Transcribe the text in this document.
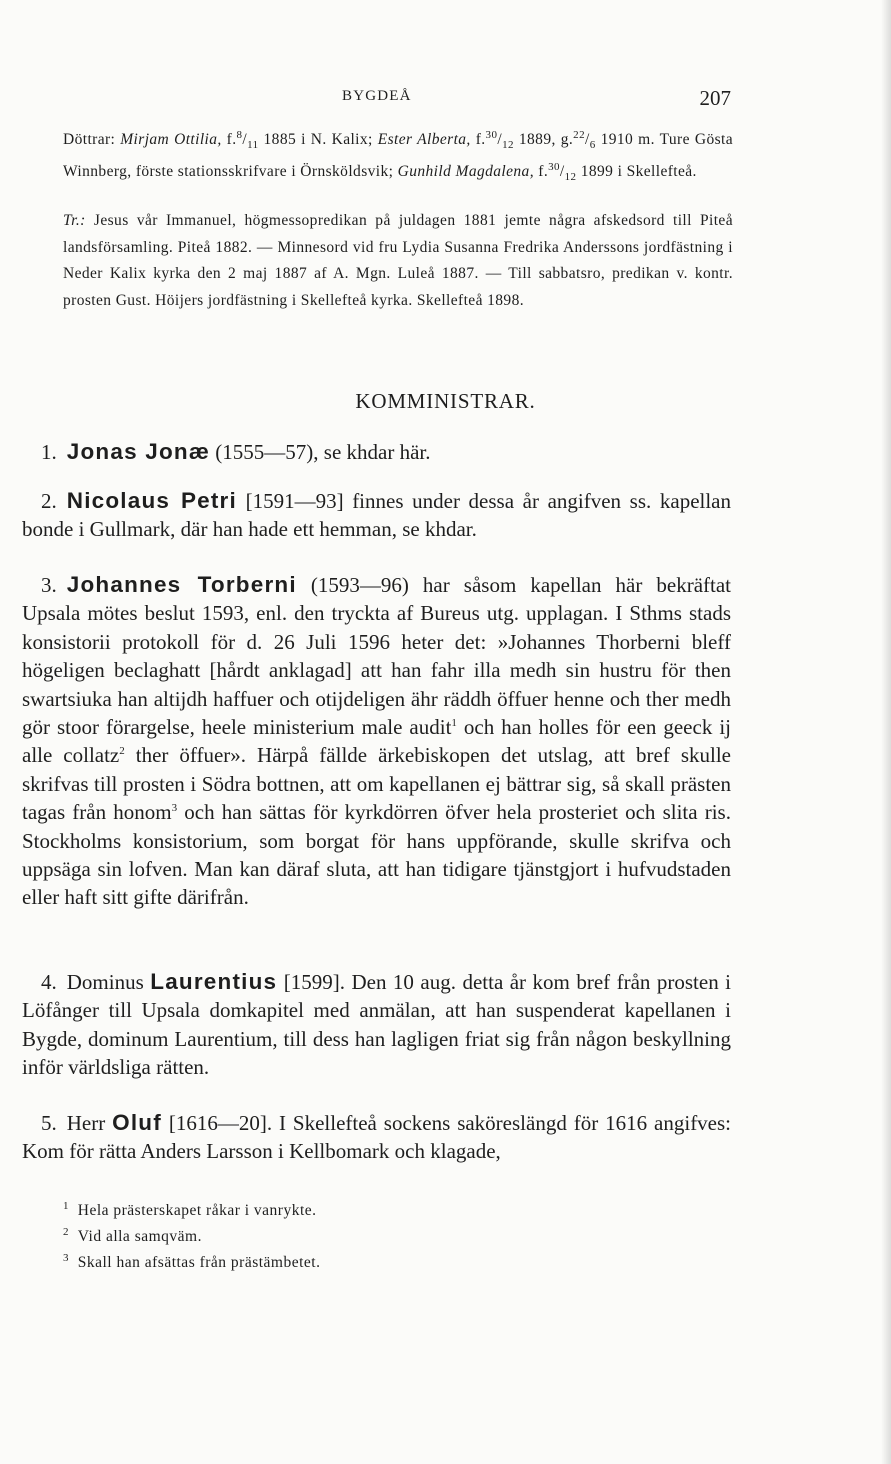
BYGDEÅ	207
Döttrar: Mirjam Ottilia, $f.^8/_{11}$ 1885 i N. Kalix; Ester Alberta, $f.^{30}/_{12}$ 1889, $g.^{22}/_6$ 1910 m. Ture Gösta Winnberg, förste stationsskrifvare i Örnsköldsvik; Gunhild Magdalena, $f.^{30}/_{12}$ 1899 i Skellefteå.
Tr.: Jesus vår Immanuel, högmessopredikan på juldagen 1881 jemte några afskedsord till Piteå landsförsamling. Piteå 1882. — Minnesord vid fru Lydia Susanna Fredrika Anderssons jordfästning i Neder Kalix kyrka den 2 maj 1887 af A. Mgn. Luleå 1887. — Till sabbatsro, predikan v. kontr. prosten Gust. Höijers jordfästning i Skellefteå kyrka. Skellefteå 1898.
KOMMINISTRAR.
1. Jonas Jonæ (1555—57), se khdar här.

2. Nicolaus Petri [1591—93] finnes under dessa år angifven ss. kapellan bonde i Gullmark, där han hade ett hemman, se khdar.

3. Johannes Torberni (1593—96) har såsom kapellan här bekräftat Upsala mötes beslut 1593, enl. den tryckta af Bureus utg. upplagan. I Sthms stads konsistorii protokoll för d. 26 Juli 1596 heter det: »Johannes Thorberni bleff högeligen beclaghatt [hårdt anklagad] att han fahr illa medh sin hustru för then swartsiuka han altijdh haffuer och otijdeligen ähr räddh öffuer henne och ther medh gör stoor förargelse, heele ministerium male audit$^1$ och han holles för een geeck ij alle collatz$^2$ ther öffuer». Härpå fällde ärkebiskopen det utslag, att bref skulle skrifvas till prosten i Södra bottnen, att om kapellanen ej bättrar sig, så skall prästen tagas från honom$^3$ och han sättas för kyrkdörren öfver hela prosteriet och slita ris. Stockholms konsistorium, som borgat för hans uppförande, skulle skrifva och uppsäga sin lofven. Man kan däraf sluta, att han tidigare tjänstgjort i hufvudstaden eller haft sitt gifte därifrån.

4. Dominus Laurentius [1599]. Den 10 aug. detta år kom bref från prosten i Löfånger till Upsala domkapitel med anmälan, att han suspenderat kapellanen i Bygde, dominum Laurentium, till dess han lagligen friat sig från någon beskyllning inför världsliga rätten.

5. Herr Oluf [1616—20]. I Skellefteå sockens saköreslängd för 1616 angifves: Kom för rätta Anders Larsson i Kellbomark och klagade,

$^1$ Hela prästerskapet råkar i vanrykte.
$^2$ Vid alla samqväm.
$^3$ Skall han afsättas från prästämbetet.
